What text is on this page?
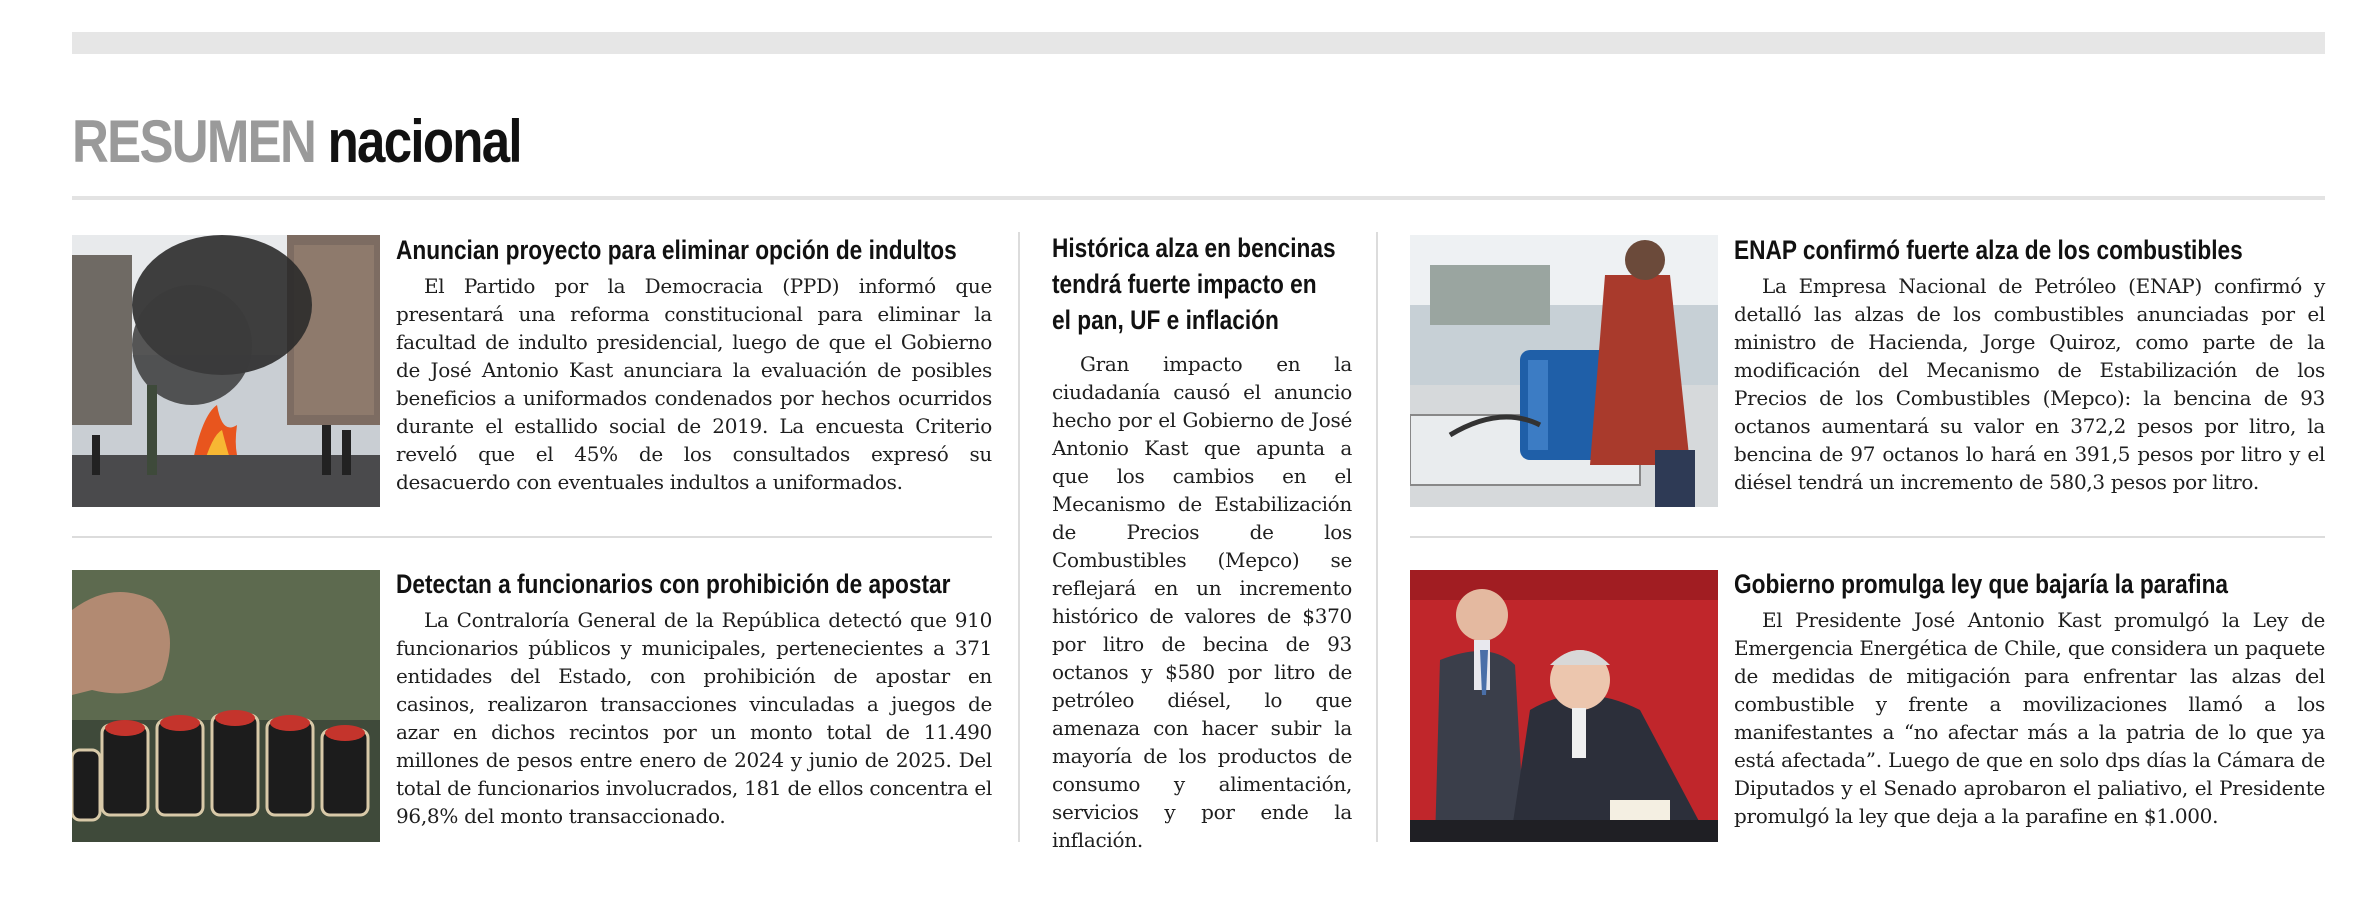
RESUMEN nacional
Anuncian proyecto para eliminar opción de indultos
El Partido por la Democracia (PPD) informó que presentará una reforma constitucional para eliminar la facultad de indulto presidencial, luego de que el Gobierno de José Antonio Kast anunciara la evaluación de posibles beneficios a uniformados condenados por hechos ocurridos durante el estallido social de 2019. La encuesta Criterio reveló que el 45% de los consultados expresó su desacuerdo con eventuales indultos a uniformados.
Detectan a funcionarios con prohibición de apostar
La Contraloría General de la República detectó que 910 funcionarios públicos y municipales, pertenecientes a 371 entidades del Estado, con prohibición de apostar en casinos, realizaron transacciones vinculadas a juegos de azar en dichos recintos por un monto total de 11.490 millones de pesos entre enero de 2024 y junio de 2025. Del total de funcionarios involucrados, 181 de ellos concentra el 96,8% del monto transaccionado.
Histórica alza en bencinas
tendrá fuerte impacto en
el pan, UF e inflación
Gran impacto en la ciudadanía causó el anuncio hecho por el Gobierno de José Antonio Kast que apunta a que los cambios en el Mecanismo de Estabilización de Precios de los Combustibles (Mepco) se reflejará en un incremento histórico de valores de $370 por litro de becina de 93 octanos y $580 por litro de petróleo diésel, lo que amenaza con hacer subir la mayoría de los productos de consumo y alimentación, servicios y por ende la inflación.
ENAP confirmó fuerte alza de los combustibles
La Empresa Nacional de Petróleo (ENAP) confirmó y detalló las alzas de los combustibles anunciadas por el ministro de Hacienda, Jorge Quiroz, como parte de la modificación del Mecanismo de Estabilización de los Precios de los Combustibles (Mepco): la bencina de 93 octanos aumentará su valor en 372,2 pesos por litro, la bencina de 97 octanos lo hará en 391,5 pesos por litro y el diésel tendrá un incremento de 580,3 pesos por litro.
Gobierno promulga ley que bajaría la parafina
El Presidente José Antonio Kast promulgó la Ley de Emergencia Energética de Chile, que considera un paquete de medidas de mitigación para enfrentar las alzas del combustible y frente a movilizaciones llamó a los manifestantes a “no afectar más a la patria de lo que ya está afectada”. Luego de que en solo dps días la Cámara de Diputados y el Senado aprobaron el paliativo, el Presidente promulgó la ley que deja a la parafine en $1.000.
